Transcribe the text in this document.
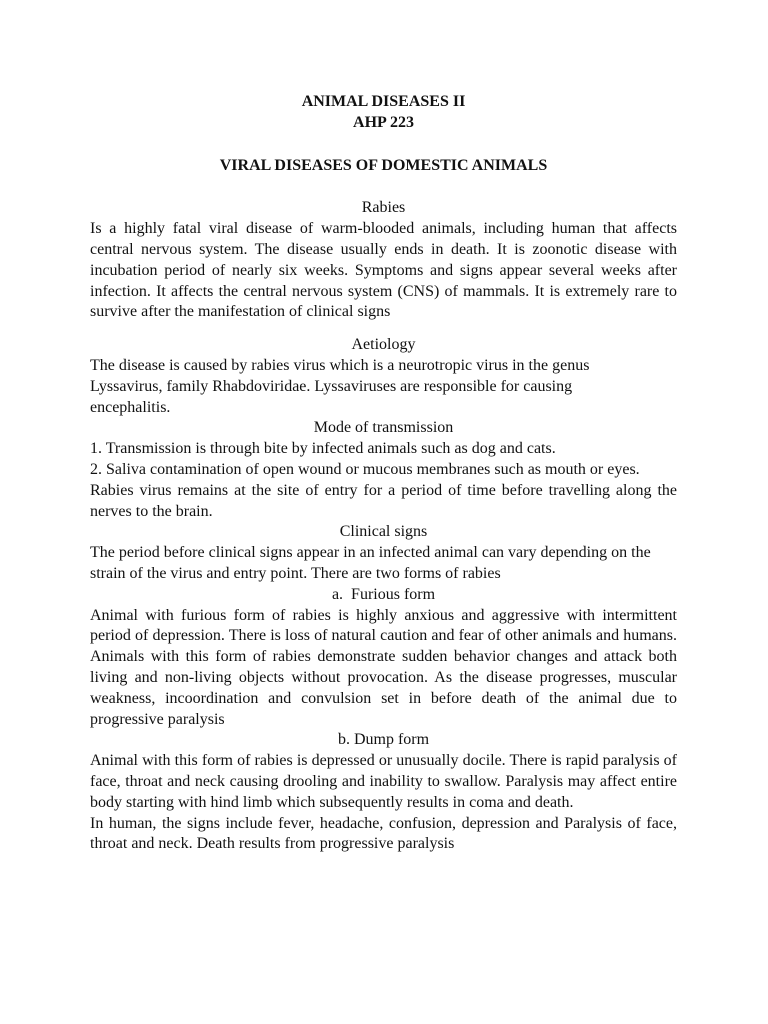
ANIMAL DISEASES II

AHP 223

VIRAL DISEASES OF DOMESTIC ANIMALS

Rabies

Is a highly fatal viral disease of warm-blooded animals, including human that affects central nervous system. The disease usually ends in death. It is zoonotic disease with incubation period of nearly six weeks. Symptoms and signs appear several weeks after infection. It affects the central nervous system (CNS) of mammals. It is extremely rare to survive after the manifestation of clinical signs

Aetiology

The disease is caused by rabies virus which is a neurotropic virus in the genus Lyssavirus, family Rhabdoviridae. Lyssaviruses are responsible for causing encephalitis.

Mode of transmission

1. Transmission is through bite by infected animals such as dog and cats.

2. Saliva contamination of open wound or mucous membranes such as mouth or eyes.

Rabies virus remains at the site of entry for a period of time before travelling along the nerves to the brain.

Clinical signs

The period before clinical signs appear in an infected animal can vary depending on the strain of the virus and entry point. There are two forms of rabies

a.  Furious form

Animal with furious form of rabies is highly anxious and aggressive with intermittent period of depression. There is loss of natural caution and fear of other animals and humans. Animals with this form of rabies demonstrate sudden behavior changes and attack both living and non-living objects without provocation. As the disease progresses, muscular weakness, incoordination and convulsion set in before death of the animal due to progressive paralysis

b. Dump form

Animal with this form of rabies is depressed or unusually docile. There is rapid paralysis of face, throat and neck causing drooling and inability to swallow. Paralysis may affect entire body starting with hind limb which subsequently results in coma and death.

In human, the signs include fever, headache, confusion, depression and Paralysis of face, throat and neck. Death results from progressive paralysis
